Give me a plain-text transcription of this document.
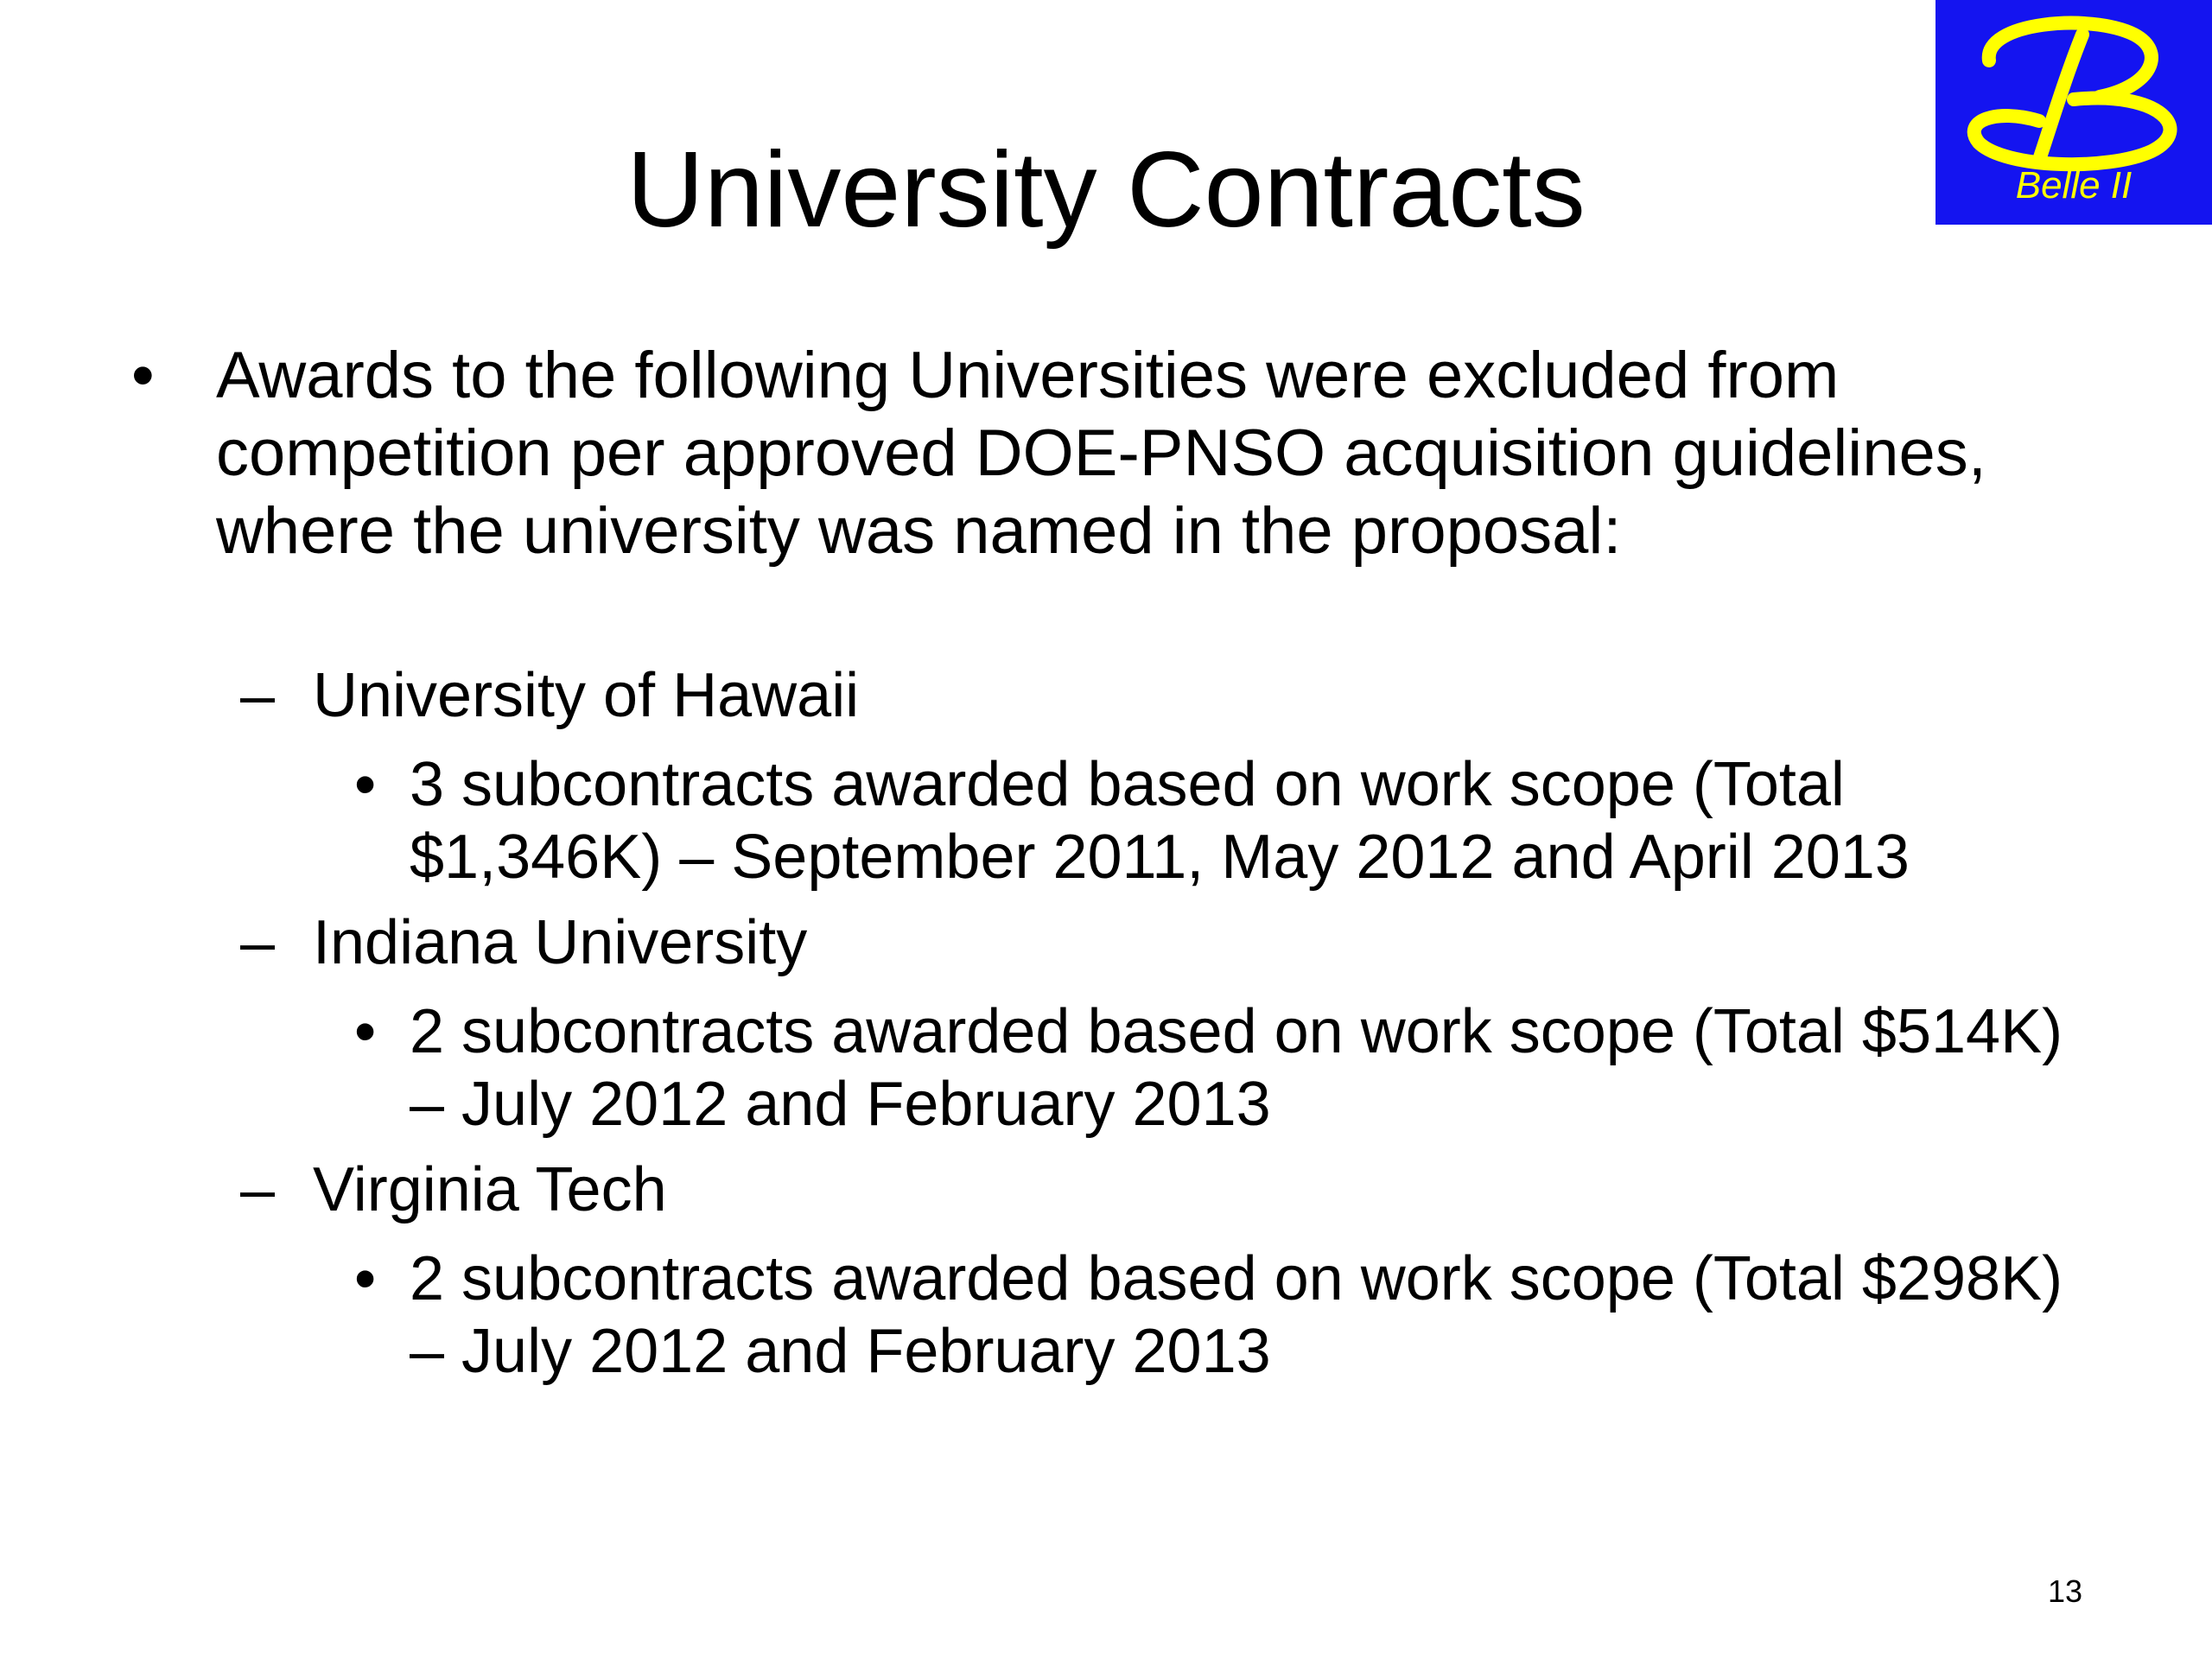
University Contracts	Belle II
• Awards to the following Universities were excluded from competition per approved DOE-PNSO acquisition guidelines, where the university was named in the proposal:
– University of Hawaii
• 3 subcontracts awarded based on work scope (Total $1,346K) – September 2011, May 2012 and April 2013
– Indiana University
• 2 subcontracts awarded based on work scope (Total $514K) – July 2012 and February 2013
– Virginia Tech
• 2 subcontracts awarded based on work scope (Total $298K) – July 2012 and February 2013
13
